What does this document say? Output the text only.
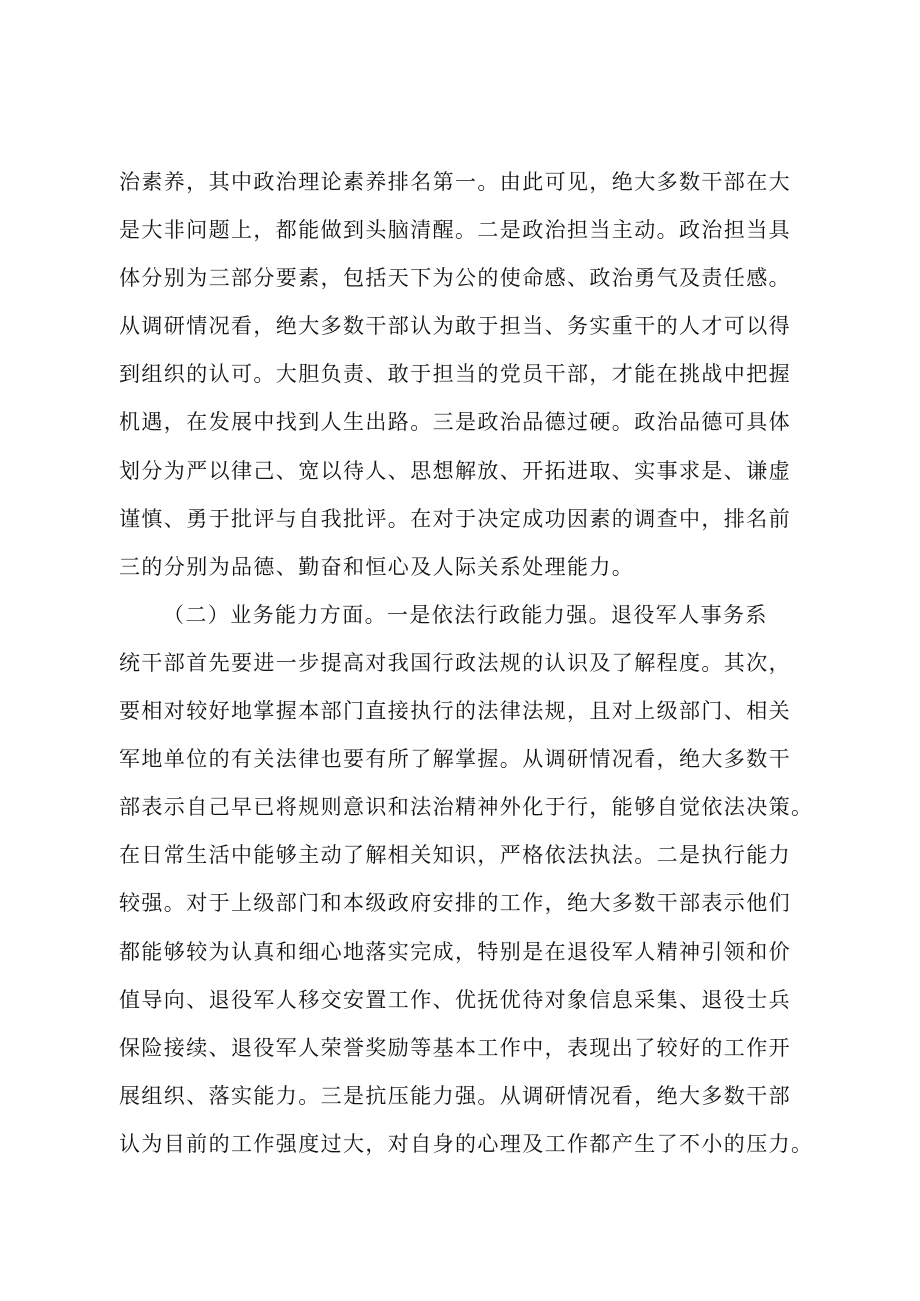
治素养，其中政治理论素养排名第一。由此可见，绝大多数干部在大
是大非问题上，都能做到头脑清醒。二是政治担当主动。政治担当具
体分别为三部分要素，包括天下为公的使命感、政治勇气及责任感。
从调研情况看，绝大多数干部认为敢于担当、务实重干的人才可以得
到组织的认可。大胆负责、敢于担当的党员干部，才能在挑战中把握
机遇，在发展中找到人生出路。三是政治品德过硬。政治品德可具体
划分为严以律己、宽以待人、思想解放、开拓进取、实事求是、谦虚
谨慎、勇于批评与自我批评。在对于决定成功因素的调查中，排名前
三的分别为品德、勤奋和恒心及人际关系处理能力。
（二）业务能力方面。一是依法行政能力强。退役军人事务系
统干部首先要进一步提高对我国行政法规的认识及了解程度。其次，
要相对较好地掌握本部门直接执行的法律法规，且对上级部门、相关
军地单位的有关法律也要有所了解掌握。从调研情况看，绝大多数干
部表示自己早已将规则意识和法治精神外化于行，能够自觉依法决策。
在日常生活中能够主动了解相关知识，严格依法执法。二是执行能力
较强。对于上级部门和本级政府安排的工作，绝大多数干部表示他们
都能够较为认真和细心地落实完成，特别是在退役军人精神引领和价
值导向、退役军人移交安置工作、优抚优待对象信息采集、退役士兵
保险接续、退役军人荣誉奖励等基本工作中，表现出了较好的工作开
展组织、落实能力。三是抗压能力强。从调研情况看，绝大多数干部
认为目前的工作强度过大，对自身的心理及工作都产生了不小的压力。
